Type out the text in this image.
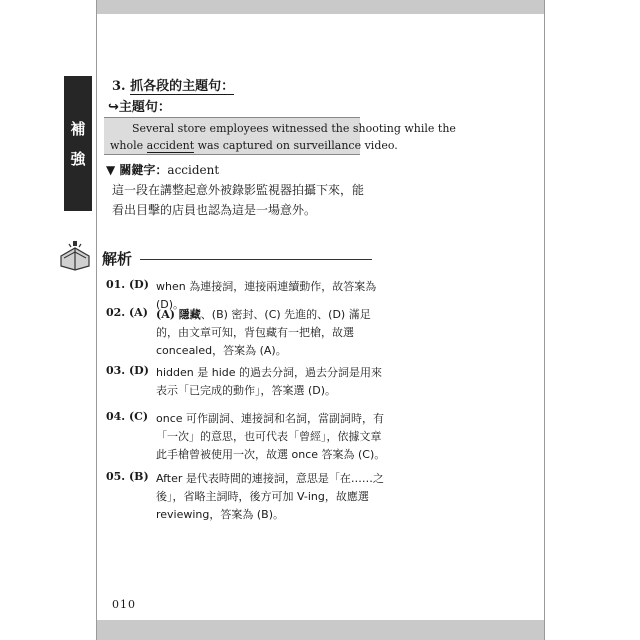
補
強
3. 抓各段的主題句：
↪主題句：
Several store employees witnessed the shooting while the
whole accident was captured on surveillance video.
▼ 關鍵字：accident
這一段在講整起意外被錄影監視器拍攝下來，能看出目擊的店員也認為這是一場意外。
解析
01. (D) when 為連接詞，連接兩連續動作，故答案為 (D)。
02. (A) (A) 隱藏、(B) 密封、(C) 先進的、(D) 滿足的，由文章可知，背包藏有一把槍，故選 concealed，答案為 (A)。
03. (D) hidden 是 hide 的過去分詞，過去分詞是用來表示「已完成的動作」，答案選 (D)。
04. (C) once 可作副詞、連接詞和名詞，當副詞時，有「一次」的意思，也可代表「曾經」，依據文章此手槍曾被使用一次，故選 once 答案為 (C)。
05. (B) After 是代表時間的連接詞，意思是「在……之後」，省略主詞時，後方可加 V-ing，故應選 reviewing，答案為 (B)。
010
